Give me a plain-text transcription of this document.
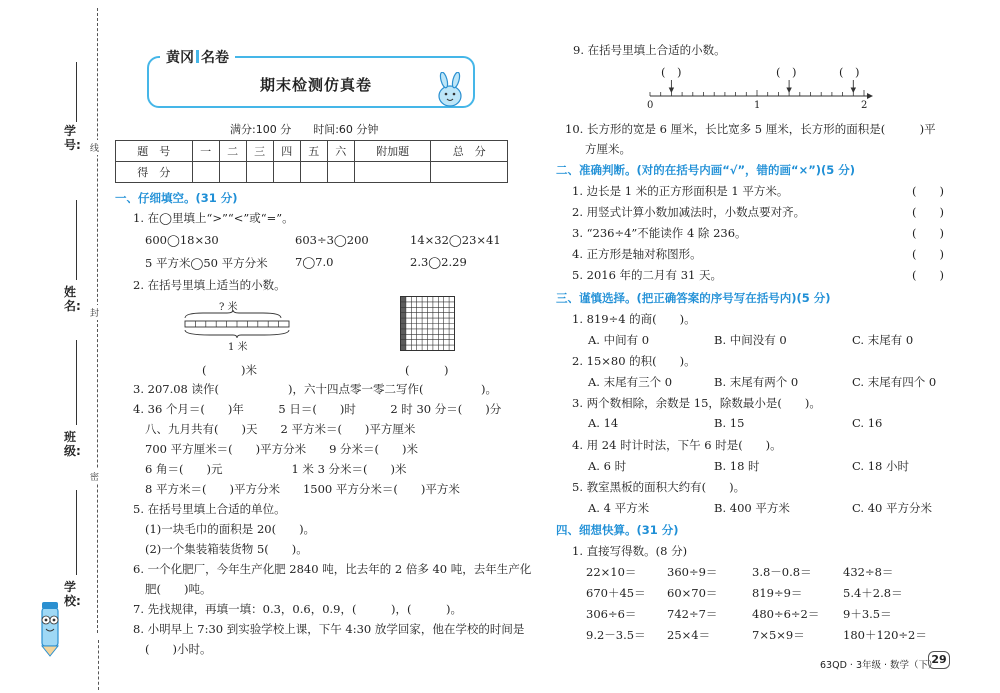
线
封
密
学号:
姓名:
班级:
学校:
黄冈 名卷
期末检测仿真卷
满分:100 分　　时间:60 分钟
题　号	一	二	三	四	五	六	附加题	总　分
得　分								
一、仔细填空。(31 分)
1. 在◯里填上“>”“<”或“=”。
600◯18×30	603÷3◯200	14×32◯23×41
5 平方米◯50 平方分米 7◯7.0	2.3◯2.29
2. 在括号里填上适当的小数。
? 米
1 米
(　　　)米	(　　　)
3. 207.08 读作(　　　　　　)，六十四点零一零二写作(　　　　　)。
4. 36 个月＝(　　)年　　　5 日＝(　　)时　　　2 时 30 分＝(　　)分
八、九月共有(　　)天　　2 平方米＝(　　)平方厘米
700 平方厘米＝(　　)平方分米　　9 分米＝(　　)米
6 角＝(　　)元　　　　　　1 米 3 分米＝(　　)米
8 平方米＝(　　)平方分米　　1500 平方分米＝(　　)平方米
5. 在括号里填上合适的单位。
(1)一块毛巾的面积是 20(　　)。
(2)一个集装箱装货物 5(　　)。
6. 一个化肥厂，今年生产化肥 2840 吨，比去年的 2 倍多 40 吨，去年生产化
肥(　　)吨。
7. 先找规律，再填一填：0.3，0.6，0.9，(　　　)，(　　　)。
8. 小明早上 7:30 到实验学校上课，下午 4:30 放学回家，他在学校的时间是
(　　)小时。
9. 在括号里填上合适的小数。
(　)	(　)	(　)
0	1	2
10. 长方形的宽是 6 厘米，长比宽多 5 厘米，长方形的面积是(　　　)平
方厘米。
二、准确判断。(对的在括号内画“√”，错的画“×”)(5 分)
1. 边长是 1 米的正方形面积是 1 平方米。	(　　)
2. 用竖式计算小数加减法时，小数点要对齐。	(　　)
3. “236÷4”不能读作 4 除 236。	(　　)
4. 正方形是轴对称图形。	(　　)
5. 2016 年的二月有 31 天。	(　　)
三、谨慎选择。(把正确答案的序号写在括号内)(5 分)
1. 819÷4 的商(　　)。
A. 中间有 0	B. 中间没有 0	C. 末尾有 0
2. 15×80 的积(　　)。
A. 末尾有三个 0	B. 末尾有两个 0	C. 末尾有四个 0
3. 两个数相除，余数是 15，除数最小是(　　)。
A. 14	B. 15	C. 16
4. 用 24 时计时法，下午 6 时是(　　)。
A. 6 时	B. 18 时	C. 18 小时
5. 教室黑板的面积大约有(　　)。
A. 4 平方米	B. 400 平方米	C. 40 平方分米
四、细想快算。(31 分)
1. 直接写得数。(8 分)
22×10＝	360÷9＝	3.8－0.8＝	432÷8＝
670＋45＝ 60×70＝	819÷9＝	5.4＋2.8＝
306÷6＝	742÷7＝	480÷6÷2＝ 9＋3.5＝
9.2－3.5＝ 25×4＝	7×5×9＝	180＋120÷2＝
63QD · 3年级 · 数学（下）
29
